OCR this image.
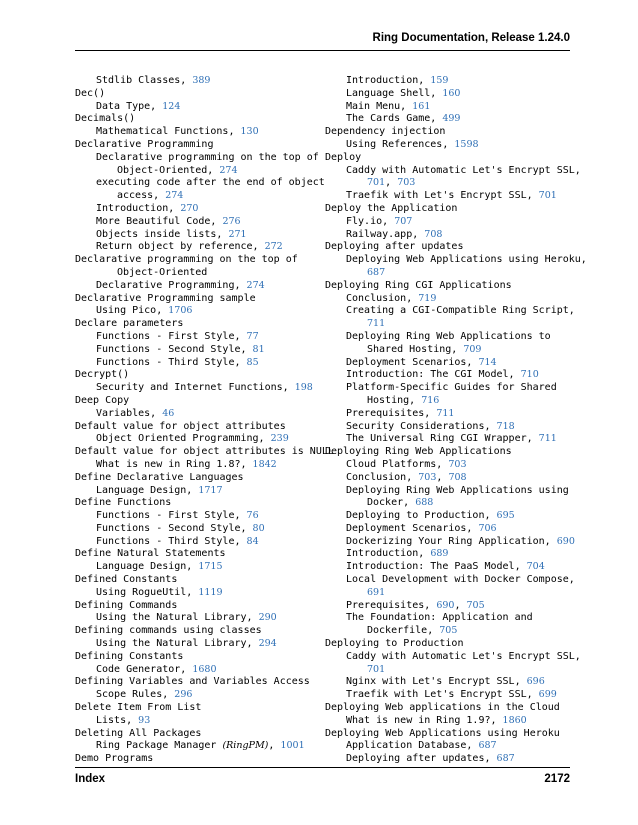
Ring Documentation, Release 1.24.0
Stdlib Classes, 389
Dec()
Data Type, 124
Decimals()
Mathematical Functions, 130
Declarative Programming
Declarative programming on the top of
Object-Oriented, 274
executing code after the end of object
access, 274
Introduction, 270
More Beautiful Code, 276
Objects inside lists, 271
Return object by reference, 272
Declarative programming on the top of
Object-Oriented
Declarative Programming, 274
Declarative Programming sample
Using Pico, 1706
Declare parameters
Functions - First Style, 77
Functions - Second Style, 81
Functions - Third Style, 85
Decrypt()
Security and Internet Functions, 198
Deep Copy
Variables, 46
Default value for object attributes
Object Oriented Programming, 239
Default value for object attributes is NULL
What is new in Ring 1.8?, 1842
Define Declarative Languages
Language Design, 1717
Define Functions
Functions - First Style, 76
Functions - Second Style, 80
Functions - Third Style, 84
Define Natural Statements
Language Design, 1715
Defined Constants
Using RogueUtil, 1119
Defining Commands
Using the Natural Library, 290
Defining commands using classes
Using the Natural Library, 294
Defining Constants
Code Generator, 1680
Defining Variables and Variables Access
Scope Rules, 296
Delete Item From List
Lists, 93
Deleting All Packages
Ring Package Manager (RingPM), 1001
Demo Programs
Introduction, 159
Language Shell, 160
Main Menu, 161
The Cards Game, 499
Dependency injection
Using References, 1598
Deploy
Caddy with Automatic Let's Encrypt SSL,
701, 703
Traefik with Let's Encrypt SSL, 701
Deploy the Application
Fly.io, 707
Railway.app, 708
Deploying after updates
Deploying Web Applications using Heroku,
687
Deploying Ring CGI Applications
Conclusion, 719
Creating a CGI-Compatible Ring Script,
711
Deploying Ring Web Applications to
Shared Hosting, 709
Deployment Scenarios, 714
Introduction: The CGI Model, 710
Platform-Specific Guides for Shared
Hosting, 716
Prerequisites, 711
Security Considerations, 718
The Universal Ring CGI Wrapper, 711
Deploying Ring Web Applications
Cloud Platforms, 703
Conclusion, 703, 708
Deploying Ring Web Applications using
Docker, 688
Deploying to Production, 695
Deployment Scenarios, 706
Dockerizing Your Ring Application, 690
Introduction, 689
Introduction: The PaaS Model, 704
Local Development with Docker Compose,
691
Prerequisites, 690, 705
The Foundation: Application and
Dockerfile, 705
Deploying to Production
Caddy with Automatic Let's Encrypt SSL,
701
Nginx with Let's Encrypt SSL, 696
Traefik with Let's Encrypt SSL, 699
Deploying Web applications in the Cloud
What is new in Ring 1.9?, 1860
Deploying Web Applications using Heroku
Application Database, 687
Deploying after updates, 687
Index	2172
